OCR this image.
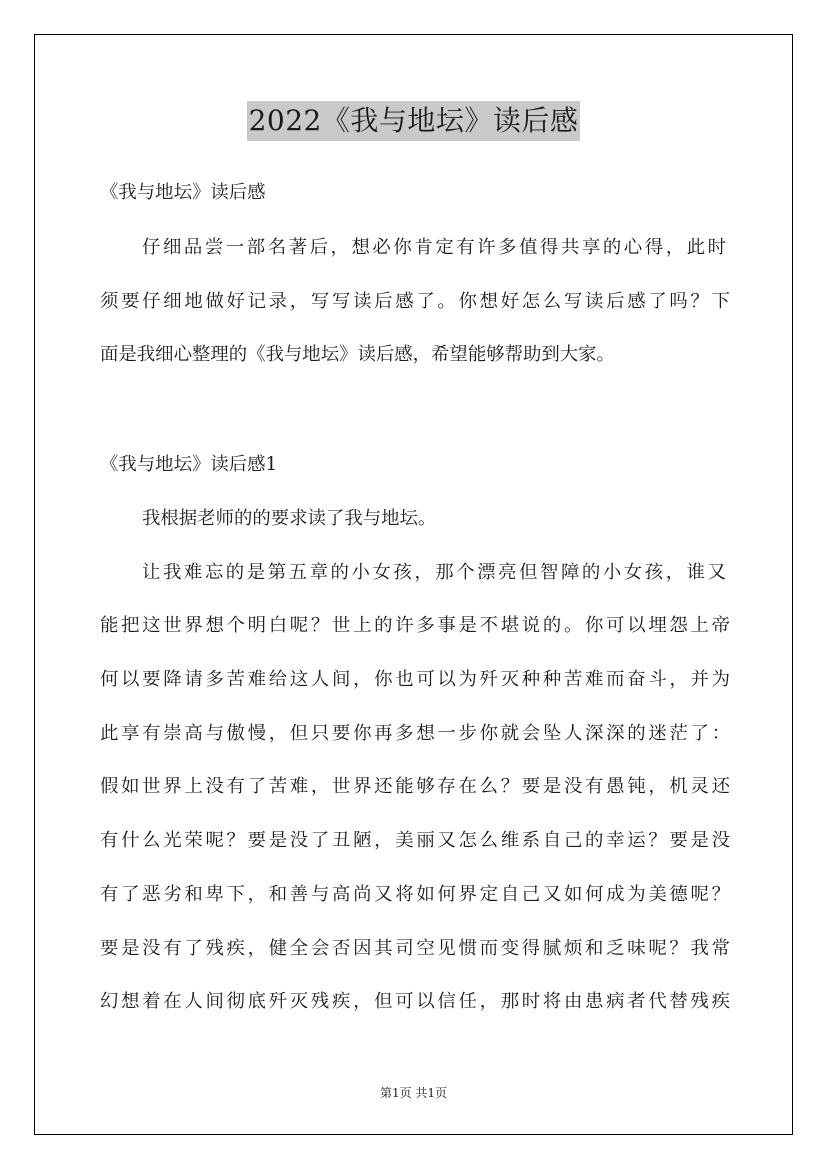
2022《我与地坛》读后感
《我与地坛》读后感
仔细品尝一部名著后，想必你肯定有许多值得共享的心得，此时
须要仔细地做好记录，写写读后感了。你想好怎么写读后感了吗？下
面是我细心整理的《我与地坛》读后感，希望能够帮助到大家。
《我与地坛》读后感1
我根据老师的的要求读了我与地坛。
让我难忘的是第五章的小女孩，那个漂亮但智障的小女孩，谁又
能把这世界想个明白呢？世上的许多事是不堪说的。你可以埋怨上帝
何以要降请多苦难给这人间，你也可以为歼灭种种苦难而奋斗，并为
此享有崇高与傲慢，但只要你再多想一步你就会坠人深深的迷茫了：
假如世界上没有了苦难，世界还能够存在么？要是没有愚钝，机灵还
有什么光荣呢？要是没了丑陋，美丽又怎么维系自己的幸运？要是没
有了恶劣和卑下，和善与高尚又将如何界定自己又如何成为美德呢？
要是没有了残疾，健全会否因其司空见惯而变得腻烦和乏味呢？我常
幻想着在人间彻底歼灭残疾，但可以信任，那时将由患病者代替残疾
第1页 共1页
